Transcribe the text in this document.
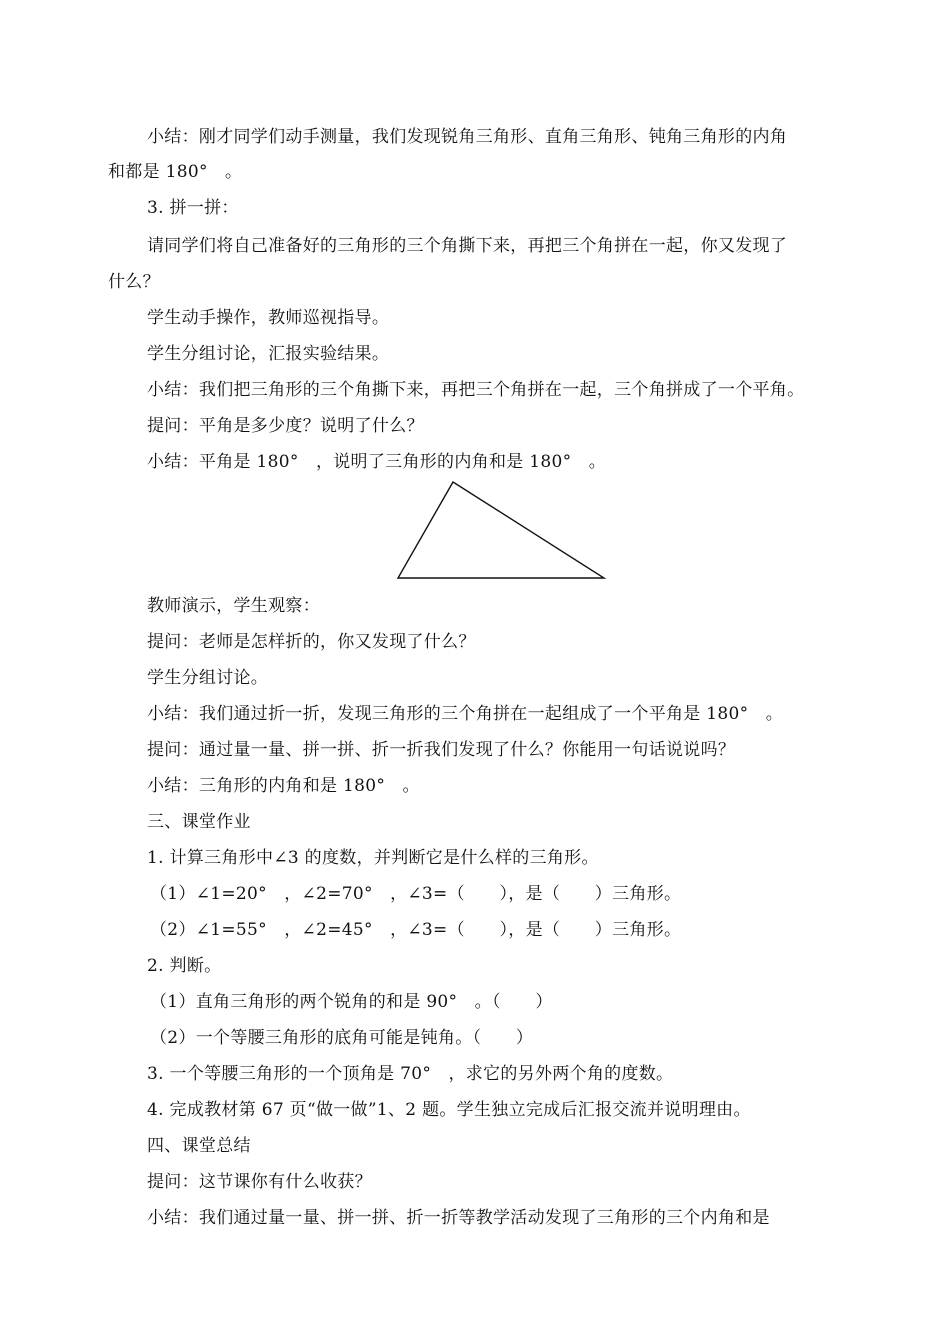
小结：刚才同学们动手测量，我们发现锐角三角形、直角三角形、钝角三角形的内角
和都是 180°　。
3. 拼一拼：
请同学们将自己准备好的三角形的三个角撕下来，再把三个角拼在一起，你又发现了
什么？
学生动手操作，教师巡视指导。
学生分组讨论，汇报实验结果。
小结：我们把三角形的三个角撕下来，再把三个角拼在一起，三个角拼成了一个平角。
提问：平角是多少度？说明了什么？
小结：平角是 180°　，说明了三角形的内角和是 180°　。
教师演示，学生观察：
提问：老师是怎样折的，你又发现了什么？
学生分组讨论。
小结：我们通过折一折，发现三角形的三个角拼在一起组成了一个平角是 180°　。
提问：通过量一量、拼一拼、折一折我们发现了什么？你能用一句话说说吗？
小结：三角形的内角和是 180°　。
三、课堂作业
1. 计算三角形中∠3 的度数，并判断它是什么样的三角形。
（1）∠1=20°　，∠2=70°　，∠3=（　　），是（　　）三角形。
（2）∠1=55°　，∠2=45°　，∠3=（　　），是（　　）三角形。
2. 判断。
（1）直角三角形的两个锐角的和是 90°　。（　　）
（2）一个等腰三角形的底角可能是钝角。（　　）
3. 一个等腰三角形的一个顶角是 70°　，求它的另外两个角的度数。
4. 完成教材第 67 页“做一做”1、2 题。学生独立完成后汇报交流并说明理由。
四、课堂总结
提问：这节课你有什么收获？
小结：我们通过量一量、拼一拼、折一折等教学活动发现了三角形的三个内角和是
